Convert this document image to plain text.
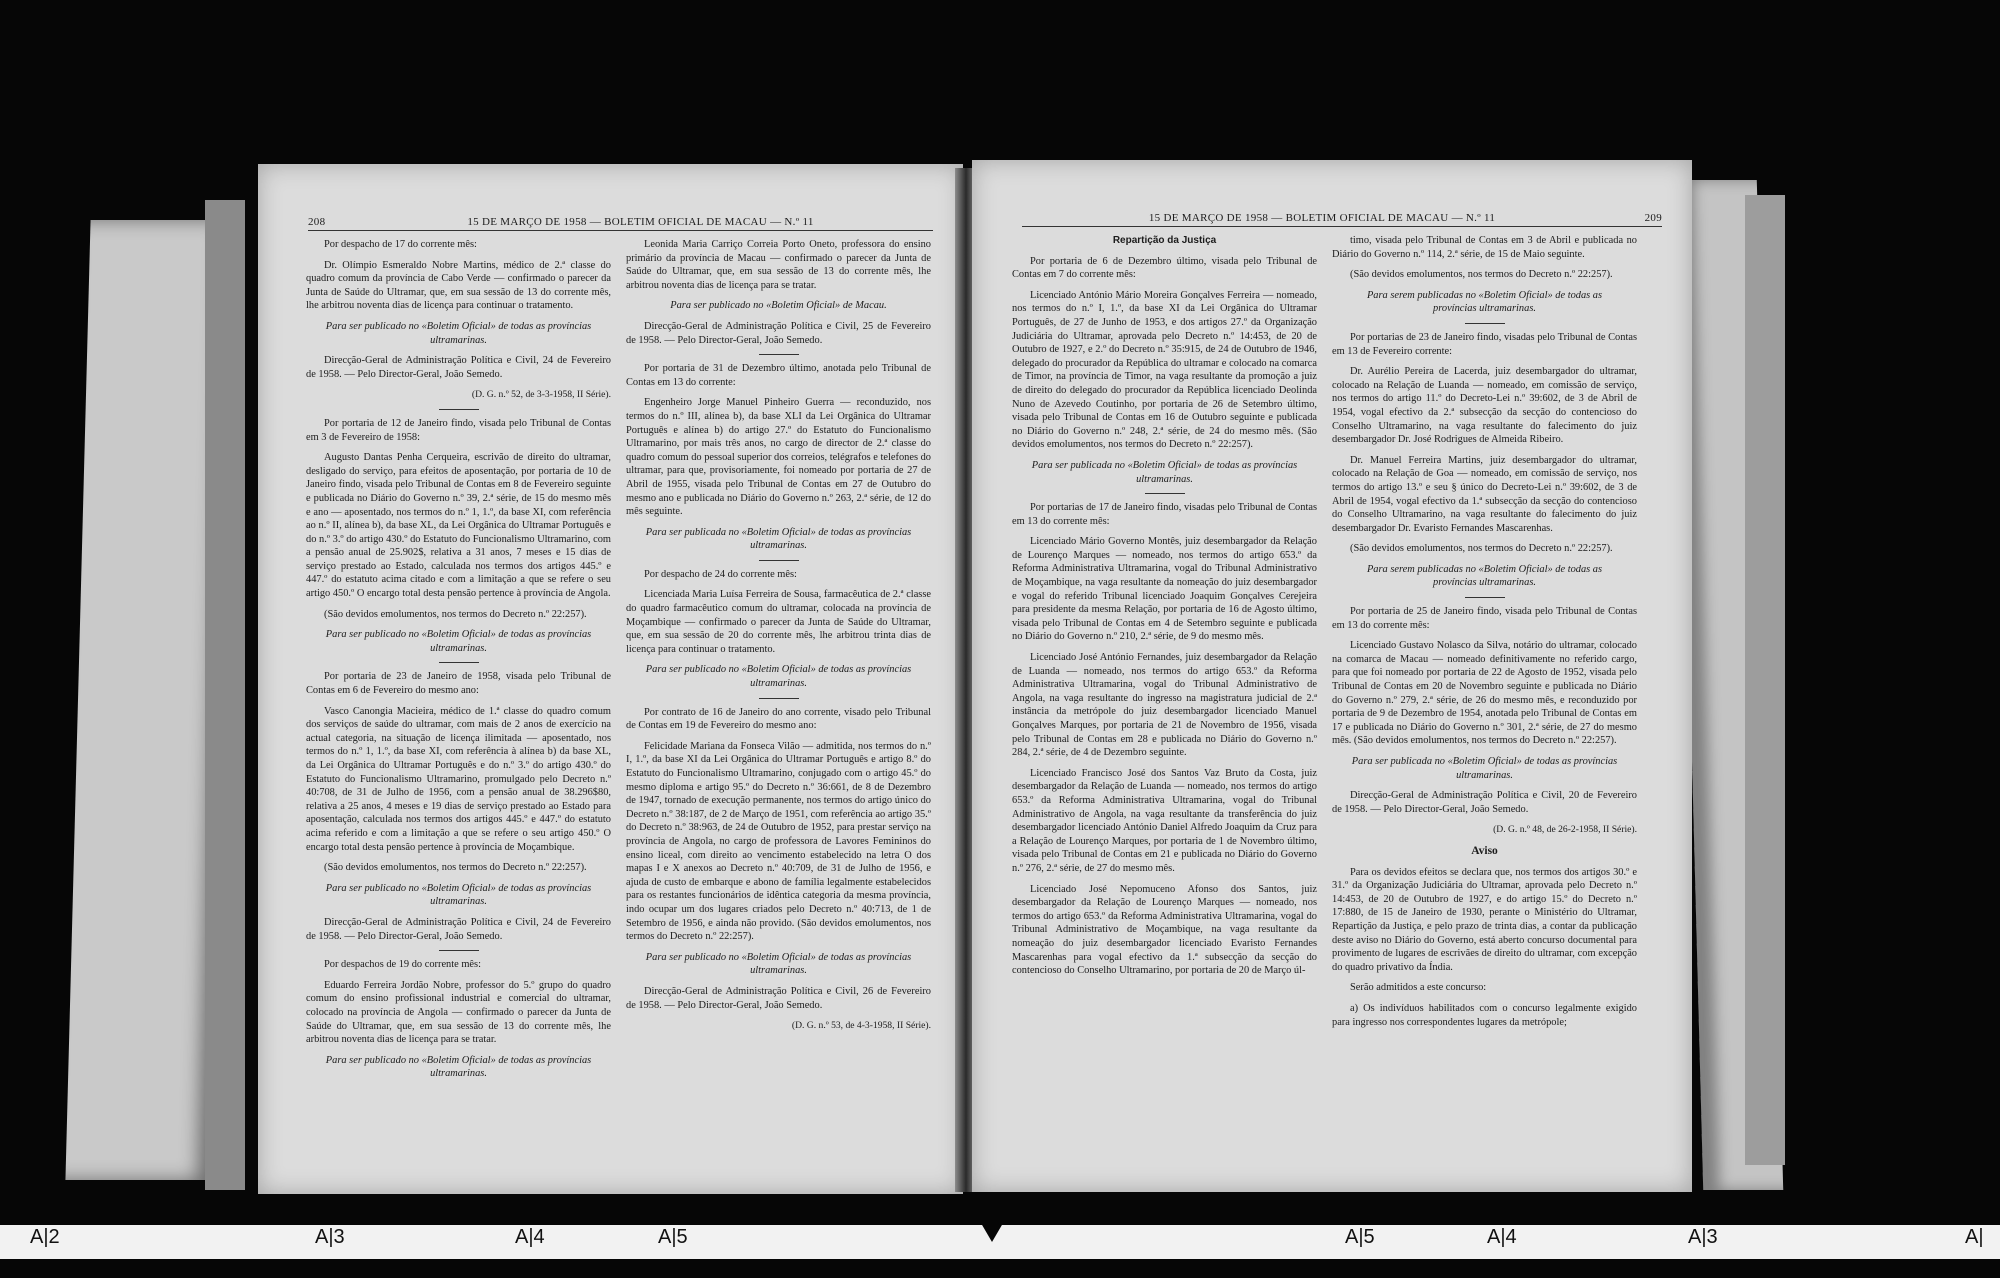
208	15 DE MARÇO DE 1958 — BOLETIM OFICIAL DE MACAU — N.º 11

Por despacho de 17 do corrente mês:

Dr. Olímpio Esmeraldo Nobre Martins, médico de 2.ª classe do quadro comum da província de Cabo Verde — confirmado o parecer da Junta de Saúde do Ultramar, que, em sua sessão de 13 do corrente mês, lhe arbitrou noventa dias de licença para continuar o tratamento.

Para ser publicado no «Boletim Oficial» de todas as províncias ultramarinas.

Direcção-Geral de Administração Política e Civil, 24 de Fevereiro de 1958. — Pelo Director-Geral, João Semedo.

(D. G. n.º 52, de 3-3-1958, II Série).

Por portaria de 12 de Janeiro findo, visada pelo Tribunal de Contas em 3 de Fevereiro de 1958:

Augusto Dantas Penha Cerqueira, escrivão de direito do ultramar, desligado do serviço, para efeitos de aposentação, por portaria de 10 de Janeiro findo, visada pelo Tribunal de Contas em 8 de Fevereiro seguinte e publicada no Diário do Governo n.º 39, 2.ª série, de 15 do mesmo mês e ano — aposentado, nos termos do n.º 1, 1.º, da base XI, com referência ao n.º II, alínea b), da base XL, da Lei Orgânica do Ultramar Português e do n.º 3.º do artigo 430.º do Estatuto do Funcionalismo Ultramarino, com a pensão anual de 25.902$, relativa a 31 anos, 7 meses e 15 dias de serviço prestado ao Estado, calculada nos termos dos artigos 445.º e 447.º do estatuto acima citado e com a limitação a que se refere o seu artigo 450.º O encargo total desta pensão pertence à província de Angola.

(São devidos emolumentos, nos termos do Decreto n.º 22:257).

Para ser publicado no «Boletim Oficial» de todas as províncias ultramarinas.

Por portaria de 23 de Janeiro de 1958, visada pelo Tribunal de Contas em 6 de Fevereiro do mesmo ano:

Vasco Canongia Macieira, médico de 1.ª classe do quadro comum dos serviços de saúde do ultramar, com mais de 2 anos de exercício na actual categoria, na situação de licença ilimitada — aposentado, nos termos do n.º 1, 1.º, da base XI, com referência à alínea b) da base XL, da Lei Orgânica do Ultramar Português e do n.º 3.º do artigo 430.º do Estatuto do Funcionalismo Ultramarino, promulgado pelo Decreto n.º 40:708, de 31 de Julho de 1956, com a pensão anual de 38.296$80, relativa a 25 anos, 4 meses e 19 dias de serviço prestado ao Estado para aposentação, calculada nos termos dos artigos 445.º e 447.º do estatuto acima referido e com a limitação a que se refere o seu artigo 450.º O encargo total desta pensão pertence à província de Moçambique.

(São devidos emolumentos, nos termos do Decreto n.º 22:257).

Para ser publicado no «Boletim Oficial» de todas as províncias ultramarinas.

Direcção-Geral de Administração Política e Civil, 24 de Fevereiro de 1958. — Pelo Director-Geral, João Semedo.

Por despachos de 19 do corrente mês:

Eduardo Ferreira Jordão Nobre, professor do 5.º grupo do quadro comum do ensino profissional industrial e comercial do ultramar, colocado na província de Angola — confirmado o parecer da Junta de Saúde do Ultramar, que, em sua sessão de 13 do corrente mês, lhe arbitrou noventa dias de licença para se tratar.

Para ser publicado no «Boletim Oficial» de todas as províncias ultramarinas.

Leonida Maria Carriço Correia Porto Oneto, professora do ensino primário da província de Macau — confirmado o parecer da Junta de Saúde do Ultramar, que, em sua sessão de 13 do corrente mês, lhe arbitrou noventa dias de licença para se tratar.

Para ser publicado no «Boletim Oficial» de Macau.

Direcção-Geral de Administração Política e Civil, 25 de Fevereiro de 1958. — Pelo Director-Geral, João Semedo.

Por portaria de 31 de Dezembro último, anotada pelo Tribunal de Contas em 13 do corrente:

Engenheiro Jorge Manuel Pinheiro Guerra — reconduzido, nos termos do n.º III, alínea b), da base XLI da Lei Orgânica do Ultramar Português e alínea b) do artigo 27.º do Estatuto do Funcionalismo Ultramarino, por mais três anos, no cargo de director de 2.ª classe do quadro comum do pessoal superior dos correios, telégrafos e telefones do ultramar, para que, provisoriamente, foi nomeado por portaria de 27 de Abril de 1955, visada pelo Tribunal de Contas em 27 de Outubro do mesmo ano e publicada no Diário do Governo n.º 263, 2.ª série, de 12 do mês seguinte.

Para ser publicada no «Boletim Oficial» de todas as províncias ultramarinas.

Por despacho de 24 do corrente mês:

Licenciada Maria Luísa Ferreira de Sousa, farmacêutica de 2.ª classe do quadro farmacêutico comum do ultramar, colocada na província de Moçambique — confirmado o parecer da Junta de Saúde do Ultramar, que, em sua sessão de 20 do corrente mês, lhe arbitrou trinta dias de licença para continuar o tratamento.

Para ser publicado no «Boletim Oficial» de todas as províncias ultramarinas.

Por contrato de 16 de Janeiro do ano corrente, visado pelo Tribunal de Contas em 19 de Fevereiro do mesmo ano:

Felicidade Mariana da Fonseca Vilão — admitida, nos termos do n.º I, 1.º, da base XI da Lei Orgânica do Ultramar Português e artigo 8.º do Estatuto do Funcionalismo Ultramarino, conjugado com o artigo 45.º do mesmo diploma e artigo 95.º do Decreto n.º 36:661, de 8 de Dezembro de 1947, tornado de execução permanente, nos termos do artigo único do Decreto n.º 38:187, de 2 de Março de 1951, com referência ao artigo 35.º do Decreto n.º 38:963, de 24 de Outubro de 1952, para prestar serviço na província de Angola, no cargo de professora de Lavores Femininos do ensino liceal, com direito ao vencimento estabelecido na letra O dos mapas I e X anexos ao Decreto n.º 40:709, de 31 de Julho de 1956, e ajuda de custo de embarque e abono de família legalmente estabelecidos para os restantes funcionários de idêntica categoria da mesma província, indo ocupar um dos lugares criados pelo Decreto n.º 40:713, de 1 de Setembro de 1956, e ainda não provido. (São devidos emolumentos, nos termos do Decreto n.º 22:257).

Para ser publicado no «Boletim Oficial» de todas as províncias ultramarinas.

Direcção-Geral de Administração Política e Civil, 26 de Fevereiro de 1958. — Pelo Director-Geral, João Semedo.

(D. G. n.º 53, de 4-3-1958, II Série).

15 DE MARÇO DE 1958 — BOLETIM OFICIAL DE MACAU — N.º 11	209

Repartição da Justiça

Por portaria de 6 de Dezembro último, visada pelo Tribunal de Contas em 7 do corrente mês:

Licenciado António Mário Moreira Gonçalves Ferreira — nomeado, nos termos do n.º I, 1.º, da base XI da Lei Orgânica do Ultramar Português, de 27 de Junho de 1953, e dos artigos 27.º da Organização Judiciária do Ultramar, aprovada pelo Decreto n.º 14:453, de 20 de Outubro de 1927, e 2.º do Decreto n.º 35:915, de 24 de Outubro de 1946, delegado do procurador da República do ultramar e colocado na comarca de Timor, na província de Timor, na vaga resultante da promoção a juiz de direito do delegado do procurador da República licenciado Deolinda Nuno de Azevedo Coutinho, por portaria de 26 de Setembro último, visada pelo Tribunal de Contas em 16 de Outubro seguinte e publicada no Diário do Governo n.º 248, 2.ª série, de 24 do mesmo mês. (São devidos emolumentos, nos termos do Decreto n.º 22:257).

Para ser publicada no «Boletim Oficial» de todas as províncias ultramarinas.

Por portarias de 17 de Janeiro findo, visadas pelo Tribunal de Contas em 13 do corrente mês:

Licenciado Mário Governo Montês, juiz desembargador da Relação de Lourenço Marques — nomeado, nos termos do artigo 653.º da Reforma Administrativa Ultramarina, vogal do Tribunal Administrativo de Moçambique, na vaga resultante da nomeação do juiz desembargador e vogal do referido Tribunal licenciado Joaquim Gonçalves Cerejeira para presidente da mesma Relação, por portaria de 16 de Agosto último, visada pelo Tribunal de Contas em 4 de Setembro seguinte e publicada no Diário do Governo n.º 210, 2.ª série, de 9 do mesmo mês.

Licenciado José António Fernandes, juiz desembargador da Relação de Luanda — nomeado, nos termos do artigo 653.º da Reforma Administrativa Ultramarina, vogal do Tribunal Administrativo de Angola, na vaga resultante do ingresso na magistratura judicial de 2.ª instância da metrópole do juiz desembargador licenciado Manuel Gonçalves Marques, por portaria de 21 de Novembro de 1956, visada pelo Tribunal de Contas em 28 e publicada no Diário do Governo n.º 284, 2.ª série, de 4 de Dezembro seguinte.

Licenciado Francisco José dos Santos Vaz Bruto da Costa, juiz desembargador da Relação de Luanda — nomeado, nos termos do artigo 653.º da Reforma Administrativa Ultramarina, vogal do Tribunal Administrativo de Angola, na vaga resultante da transferência do juiz desembargador licenciado António Daniel Alfredo Joaquim da Cruz para a Relação de Lourenço Marques, por portaria de 1 de Novembro último, visada pelo Tribunal de Contas em 21 e publicada no Diário do Governo n.º 276, 2.ª série, de 27 do mesmo mês.

Licenciado José Nepomuceno Afonso dos Santos, juiz desembargador da Relação de Lourenço Marques — nomeado, nos termos do artigo 653.º da Reforma Administrativa Ultramarina, vogal do Tribunal Administrativo de Moçambique, na vaga resultante da nomeação do juiz desembargador licenciado Evaristo Fernandes Mascarenhas para vogal efectivo da 1.ª subsecção da secção do contencioso do Conselho Ultramarino, por portaria de 20 de Março úl-

timo, visada pelo Tribunal de Contas em 3 de Abril e publicada no Diário do Governo n.º 114, 2.ª série, de 15 de Maio seguinte.

(São devidos emolumentos, nos termos do Decreto n.º 22:257).

Para serem publicadas no «Boletim Oficial» de todas as províncias ultramarinas.

Por portarias de 23 de Janeiro findo, visadas pelo Tribunal de Contas em 13 de Fevereiro corrente:

Dr. Aurélio Pereira de Lacerda, juiz desembargador do ultramar, colocado na Relação de Luanda — nomeado, em comissão de serviço, nos termos do artigo 11.º do Decreto-Lei n.º 39:602, de 3 de Abril de 1954, vogal efectivo da 2.ª subsecção da secção do contencioso do Conselho Ultramarino, na vaga resultante do falecimento do juiz desembargador Dr. José Rodrigues de Almeida Ribeiro.

Dr. Manuel Ferreira Martins, juiz desembargador do ultramar, colocado na Relação de Goa — nomeado, em comissão de serviço, nos termos do artigo 13.º e seu § único do Decreto-Lei n.º 39:602, de 3 de Abril de 1954, vogal efectivo da 1.ª subsecção da secção do contencioso do Conselho Ultramarino, na vaga resultante do falecimento do juiz desembargador Dr. Evaristo Fernandes Mascarenhas.

(São devidos emolumentos, nos termos do Decreto n.º 22:257).

Para serem publicadas no «Boletim Oficial» de todas as províncias ultramarinas.

Por portaria de 25 de Janeiro findo, visada pelo Tribunal de Contas em 13 do corrente mês:

Licenciado Gustavo Nolasco da Silva, notário do ultramar, colocado na comarca de Macau — nomeado definitivamente no referido cargo, para que foi nomeado por portaria de 22 de Agosto de 1952, visada pelo Tribunal de Contas em 20 de Novembro seguinte e publicada no Diário do Governo n.º 279, 2.ª série, de 26 do mesmo mês, e reconduzido por portaria de 9 de Dezembro de 1954, anotada pelo Tribunal de Contas em 17 e publicada no Diário do Governo n.º 301, 2.ª série, de 27 do mesmo mês. (São devidos emolumentos, nos termos do Decreto n.º 22:257).

Para ser publicada no «Boletim Oficial» de todas as províncias ultramarinas.

Direcção-Geral de Administração Política e Civil, 20 de Fevereiro de 1958. — Pelo Director-Geral, João Semedo.

(D. G. n.º 48, de 26-2-1958, II Série).

Aviso

Para os devidos efeitos se declara que, nos termos dos artigos 30.º e 31.º da Organização Judiciária do Ultramar, aprovada pelo Decreto n.º 14:453, de 20 de Outubro de 1927, e do artigo 15.º do Decreto n.º 17:880, de 15 de Janeiro de 1930, perante o Ministério do Ultramar, Repartição da Justiça, e pelo prazo de trinta dias, a contar da publicação deste aviso no Diário do Governo, está aberto concurso documental para provimento de lugares de escrivães de direito do ultramar, com excepção do quadro privativo da Índia.

Serão admitidos a este concurso:

a) Os indivíduos habilitados com o concurso legalmente exigido para ingresso nos correspondentes lugares da metrópole;

A|2	A|3	A|4	A|5	A|5	A|4	A|3	A|
